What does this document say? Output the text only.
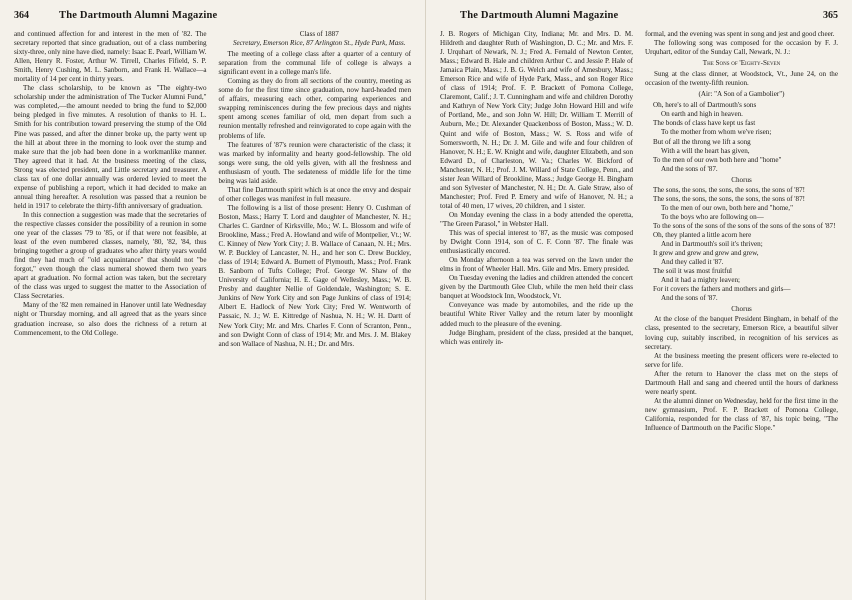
364	The Dartmouth Alumni Magazine

and continued affection for and interest in the men of '82. The secretary reported that since graduation, out of a class numbering sixty-three, only nine have died, namely: Isaac E. Pearl, William W. Allen, Henry R. Foster, Arthur W. Tirrell, Charles Fifield, S. P. Smith, Henry Cushing, M. L. Sanborn, and Frank H. Wallace—a mortality of 14 per cent in thirty years.

The class scholarship, to be known as "The eighty-two scholarship under the administration of The Tucker Alumni Fund," was completed,—the amount needed to bring the fund to $2,000 being pledged in five minutes. A resolution of thanks to H. L. Smith for his contribution toward preserving the stump of the Old Pine was passed, and after the dinner broke up, the party went up the hill at about three in the morning to look over the stump and make sure that the job had been done in a workmanlike manner. They agreed that it had. At the business meeting of the class, Strong was elected president, and Little secretary and treasurer. A class tax of one dollar annually was ordered levied to meet the expense of publishing a report, which it had decided to make an annual thing hereafter. A resolution was passed that a reunion be held in 1917 to celebrate the thirty-fifth anniversary of graduation.

In this connection a suggestion was made that the secretaries of the respective classes consider the possibility of a reunion in some one year of the classes '79 to '85, or if that were not feasible, at least of the even numbered classes, namely, '80, '82, '84, thus bringing together a group of graduates who after thirty years would find they had much of "old acquaintance" that should not "be forgot," even though the class numeral showed them two years apart at graduation. No formal action was taken, but the secretary of the class was urged to suggest the matter to the Association of Class Secretaries.

Many of the '82 men remained in Hanover until late Wednesday night or Thursday morning, and all agreed that as the years since graduation increase, so also does the richness of a return at Commencement, to the Old College.

Class of 1887

Secretary, Emerson Rice, 87 Arlington St., Hyde Park, Mass.

The meeting of a college class after a quarter of a century of separation from the communal life of college is always a significant event in a college man's life.

Coming as they do from all sections of the country, meeting as some do for the first time since graduation, now hard-headed men of affairs, measuring each other, comparing experiences and swapping reminiscences during the few precious days and nights spent among scenes familiar of old, men depart from such a reunion mentally refreshed and reinvigorated to cope again with the problems of life.

The features of '87's reunion were characteristic of the class; it was marked by informality and hearty good-fellowship. The old songs were sung, the old yells given, with all the freshness and enthusiasm of youth. The sedateness of middle life for the time being was laid aside.

That fine Dartmouth spirit which is at once the envy and despair of other colleges was manifest in full measure.

The following is a list of those present: Henry O. Cushman of Boston, Mass.; Harry T. Lord and daughter of Manchester, N. H.; Charles C. Gardner of Kirksville, Mo.; W. L. Blossom and wife of Brookline, Mass.; Fred A. Howland and wife of Montpelier, Vt.; W. C. Kinney of New York City; J. B. Wallace of Canaan, N. H.; Mrs. W. P. Buckley of Lancaster, N. H., and her son C. Drew Buckley, class of 1914; Edward A. Burnett of Plymouth, Mass.; Prof. Frank B. Sanborn of Tufts College; Prof. George W. Shaw of the University of California; H. E. Gage of Wellesley, Mass.; W. B. Presby and daughter Nellie of Goldendale, Washington; S. E. Junkins of New York City and son Page Junkins of class of 1914; Albert E. Hadlock of New York City; Fred W. Wentworth of Passaic, N. J.; W. E. Kittredge of Nashua, N. H.; W. H. Dartt of New York City; Mr. and Mrs. Charles F. Conn of Scranton, Penn., and son Dwight Conn of class of 1914; Mr. and Mrs. J. M. Blakey and son Wallace of Nashua, N. H.; Dr. and Mrs.

The Dartmouth Alumni Magazine	365

J. B. Rogers of Michigan City, Indiana; Mr. and Mrs. D. M. Hildreth and daughter Ruth of Washington, D. C.; Mr. and Mrs. F. J. Urquhart of Newark, N. J.; Fred A. Fernald of Newton Center, Mass.; Edward B. Hale and children Arthur C. and Jessie P. Hale of Jamaica Plain, Mass.; J. B. G. Welch and wife of Amesbury, Mass.; Emerson Rice and wife of Hyde Park, Mass., and son Roger Rice of class of 1914; Prof. F. P. Brackett of Pomona College, Claremont, Calif.; J. T. Cunningham and wife and children Dorothy and Kathryn of New York City; Judge John Howard Hill and wife of Portland, Me., and son John W. Hill; Dr. William T. Merrill of Auburn, Me.; Dr. Alexander Quackenboss of Boston, Mass.; W. D. Quint and wife of Boston, Mass.; W. S. Ross and wife of Somersworth, N. H.; Dr. J. M. Gile and wife and four children of Hanover, N. H.; E. W. Knight and wife, daughter Elizabeth, and son Edward D., of Charleston, W. Va.; Charles W. Bickford of Manchester, N. H.; Prof. J. M. Willard of State College, Penn., and sister Jean Willard of Brookline, Mass.; Judge George H. Bingham and son Sylvester of Manchester, N. H.; Dr. A. Gale Straw, also of Manchester; Prof. Fred P. Emery and wife of Hanover, N. H.; a total of 40 men, 17 wives, 20 children, and 1 sister.

On Monday evening the class in a body attended the operetta, "The Green Parasol," in Webster Hall.

This was of special interest to '87, as the music was composed by Dwight Conn 1914, son of C. F. Conn '87. The finale was enthusiastically encored.

On Monday afternoon a tea was served on the lawn under the elms in front of Wheeler Hall. Mrs. Gile and Mrs. Emery presided.

On Tuesday evening the ladies and children attended the concert given by the Dartmouth Glee Club, while the men held their class banquet at Woodstock Inn, Woodstock, Vt.

Conveyance was made by automobiles, and the ride up the beautiful White River Valley and the return later by moonlight added much to the pleasure of the evening.

Judge Bingham, president of the class, presided at the banquet, which was entirely in-

formal, and the evening was spent in song and jest and good cheer.

The following song was composed for the occasion by F. J. Urquhart, editor of the Sunday Call, Newark, N. J.:

The Sons of 'Eighty-Seven

Sung at the class dinner, at Woodstock, Vt., June 24, on the occasion of the twenty-fifth reunion.

(Air: "A Son of a Gambolier")

Oh, here's to all of Dartmouth's sons

On earth and high in heaven.

The bonds of class have kept us fast

To the mother from whom we've risen;

But of all the throng we lift a song

With a will the heart has given,

To the men of our own both here and "home"

And the sons of '87.

Chorus

The sons, the sons, the sons, the sons, the sons of '87!

The sons, the sons, the sons, the sons, the sons of '87!

To the men of our own, both here and "home,"

To the boys who are following on—

To the sons of the sons of the sons of the sons of the sons of '87!

Oh, they planted a little acorn here

And in Dartmouth's soil it's thriven;

It grew and grew and grew and grew,

And they called it '87.

The soil it was most fruitful

And it had a mighty leaven;

For it covers the fathers and mothers and girls—

And the sons of '87.

Chorus

At the close of the banquet President Bingham, in behalf of the class, presented to the secretary, Emerson Rice, a beautiful silver loving cup, suitably inscribed, in recognition of his services as secretary.

At the business meeting the present officers were re-elected to serve for life.

After the return to Hanover the class met on the steps of Dartmouth Hall and sang and cheered until the hours of darkness were nearly spent.

At the alumni dinner on Wednesday, held for the first time in the new gymnasium, Prof. F. P. Brackett of Pomona College, California, responded for the class of '87, his topic being, "The Influence of Dartmouth on the Pacific Slope."
